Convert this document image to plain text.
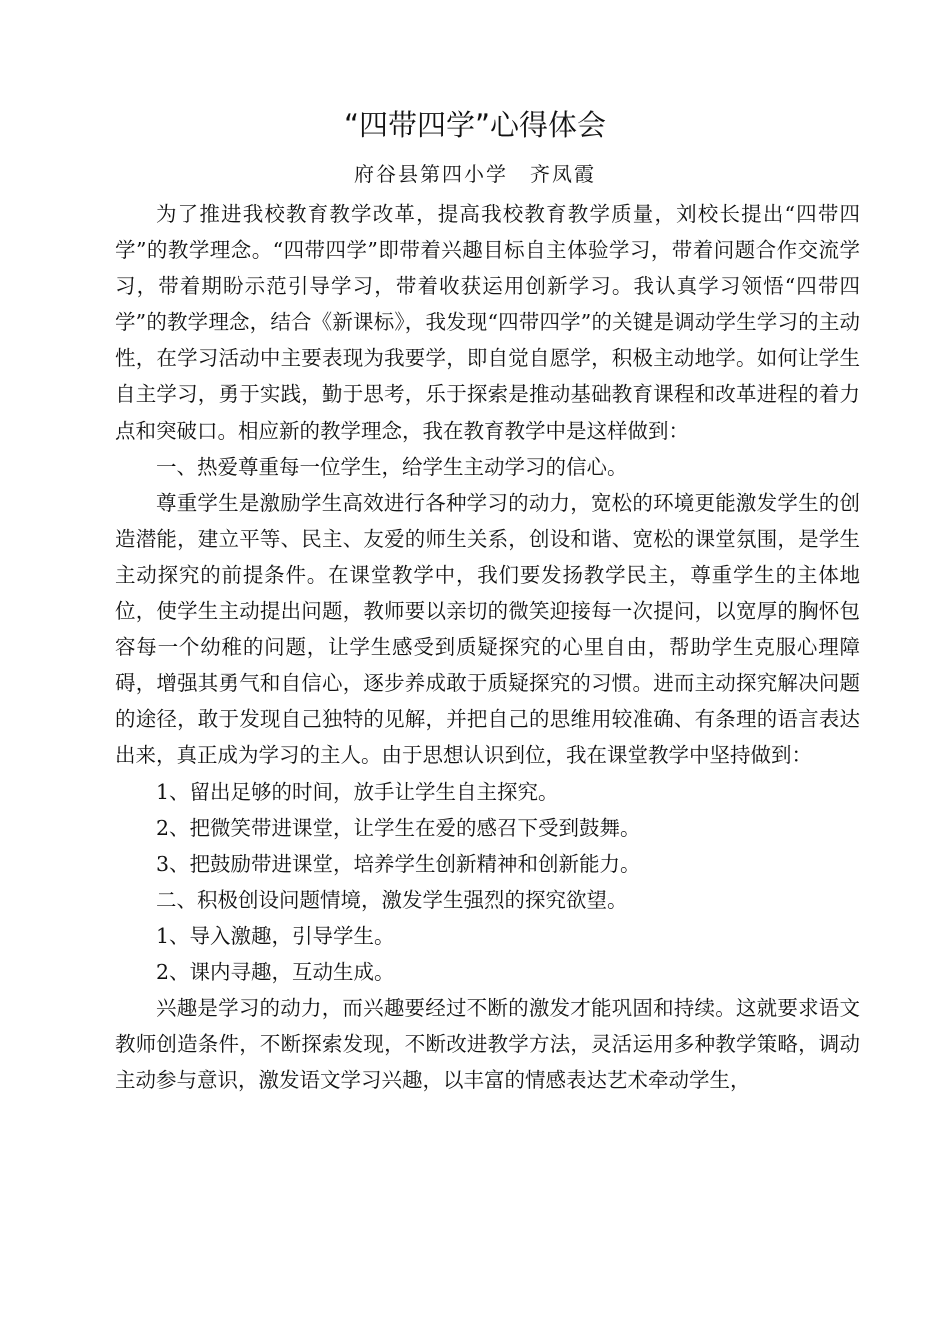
“四带四学”心得体会
府谷县第四小学　齐凤霞

为了推进我校教育教学改革，提高我校教育教学质量，刘校长提出“四带四学”的教学理念。“四带四学”即带着兴趣目标自主体验学习，带着问题合作交流学习，带着期盼示范引导学习，带着收获运用创新学习。我认真学习领悟“四带四学”的教学理念，结合《新课标》，我发现“四带四学”的关键是调动学生学习的主动性，在学习活动中主要表现为我要学，即自觉自愿学，积极主动地学。如何让学生自主学习，勇于实践，勤于思考，乐于探索是推动基础教育课程和改革进程的着力点和突破口。相应新的教学理念，我在教育教学中是这样做到：

一、热爱尊重每一位学生，给学生主动学习的信心。

尊重学生是激励学生高效进行各种学习的动力，宽松的环境更能激发学生的创造潜能，建立平等、民主、友爱的师生关系，创设和谐、宽松的课堂氛围，是学生主动探究的前提条件。在课堂教学中，我们要发扬教学民主，尊重学生的主体地位，使学生主动提出问题，教师要以亲切的微笑迎接每一次提问，以宽厚的胸怀包容每一个幼稚的问题，让学生感受到质疑探究的心里自由，帮助学生克服心理障碍，增强其勇气和自信心，逐步养成敢于质疑探究的习惯。进而主动探究解决问题的途径，敢于发现自己独特的见解，并把自己的思维用较准确、有条理的语言表达出来，真正成为学习的主人。由于思想认识到位，我在课堂教学中坚持做到：

1、留出足够的时间，放手让学生自主探究。

2、把微笑带进课堂，让学生在爱的感召下受到鼓舞。

3、把鼓励带进课堂，培养学生创新精神和创新能力。

二、积极创设问题情境，激发学生强烈的探究欲望。

1、导入激趣，引导学生。

2、课内寻趣，互动生成。

兴趣是学习的动力，而兴趣要经过不断的激发才能巩固和持续。这就要求语文教师创造条件，不断探索发现，不断改进教学方法，灵活运用多种教学策略，调动主动参与意识，激发语文学习兴趣，以丰富的情感表达艺术牵动学生，
